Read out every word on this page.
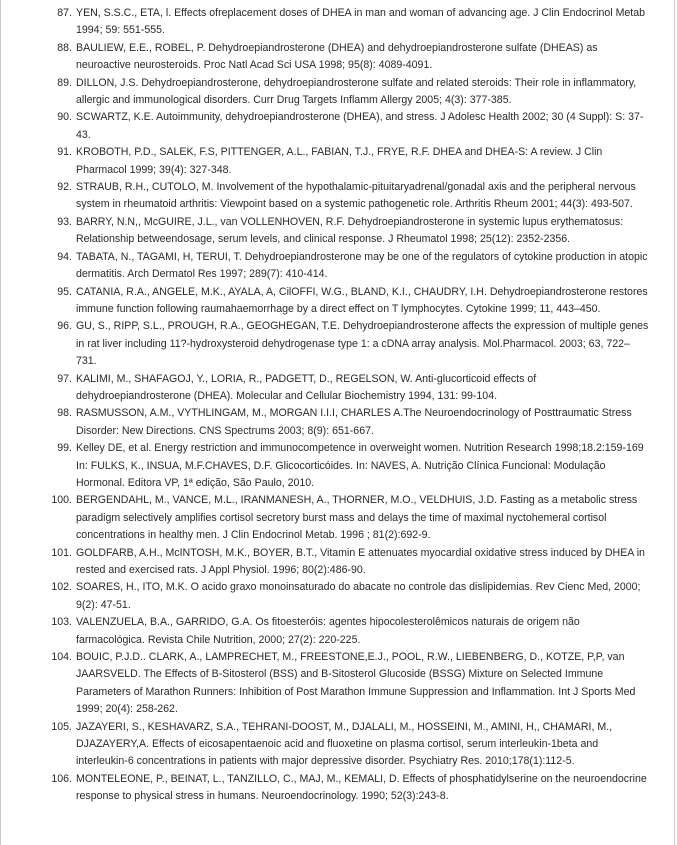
87. YEN, S.S.C., ETA, l. Effects ofreplacement doses of DHEA in man and woman of advancing age. J Clin Endocrinol Metab 1994; 59: 551-555.
88. BAULIEW, E.E., ROBEL, P. Dehydroepiandrosterone (DHEA) and dehydroepiandrosterone sulfate (DHEAS) as neuroactive neurosteroids. Proc Natl Acad Sci USA 1998; 95(8): 4089-4091.
89. DILLON, J.S. Dehydroepiandrosterone, dehydroepiandrosterone sulfate and related steroids: Their role in inflammatory, allergic and immunological disorders. Curr Drug Targets Inflamm Allergy 2005; 4(3): 377-385.
90. SCWARTZ, K.E. Autoimmunity, dehydroepiandrosterone (DHEA), and stress. J Adolesc Health 2002; 30 (4 Suppl): S: 37-43.
91. KROBOTH, P.D., SALEK, F.S, PITTENGER, A.L., FABIAN, T.J., FRYE, R.F. DHEA and DHEA-S: A review. J Clin Pharmacol 1999; 39(4): 327-348.
92. STRAUB, R.H., CUTOLO, M. Involvement of the hypothalamic-pituitaryadrenal/gonadal axis and the peripheral nervous system in rheumatoid arthritis: Viewpoint based on a systemic pathogenetic role. Arthritis Rheum 2001; 44(3): 493-507.
93. BARRY, N.N,, McGUIRE, J.L., van VOLLENHOVEN, R.F. Dehydroepiandrosterone in systemic lupus erythematosus: Relationship betweendosage, serum levels, and clinical response. J Rheumatol 1998; 25(12): 2352-2356.
94. TABATA, N., TAGAMI, H, TERUI, T. Dehydroepiandrosterone may be one of the regulators of cytokine production in atopic dermatitis. Arch Dermatol Res 1997; 289(7): 410-414.
95. CATANIA, R.A., ANGELE, M.K., AYALA, A, CilOFFI, W.G., BLAND, K.I., CHAUDRY, I.H. Dehydroepiandrosterone restores immune function following raumahaemorrhage by a direct effect on T lymphocytes. Cytokine 1999; 11, 443–450.
96. GU, S., RIPP, S.L., PROUGH, R.A., GEOGHEGAN, T.E. Dehydroepiandrosterone affects the expression of multiple genes in rat liver including 11?-hydroxysteroid dehydrogenase type 1: a cDNA array analysis. Mol.Pharmacol. 2003; 63, 722–731.
97. KALIMI, M., SHAFAGOJ, Y., LORIA, R., PADGETT, D., REGELSON, W. Anti-glucorticoid effects of dehydroepiandrosterone (DHEA). Molecular and Cellular Biochemistry 1994, 131: 99-104.
98. RASMUSSON, A.M., VYTHLINGAM, M., MORGAN I.I.I, CHARLES A.The Neuroendocrinology of Posttraumatic Stress Disorder: New Directions. CNS Spectrums 2003; 8(9): 651-667.
99. Kelley DE, et al. Energy restriction and immunocompetence in overweight women. Nutrition Research 1998;18.2:159-169 In: FULKS, K., INSUA, M.F.CHAVES, D.F. Glicocorticóides. In: NAVES, A. Nutrição Clínica Funcional: Modulação Hormonal. Editora VP, 1ª edição, São Paulo, 2010.
100. BERGENDAHL, M., VANCE, M.L., IRANMANESH, A., THORNER, M.O., VELDHUIS, J.D. Fasting as a metabolic stress paradigm selectively amplifies cortisol secretory burst mass and delays the time of maximal nyctohemeral cortisol concentrations in healthy men. J Clin Endocrinol Metab. 1996 ; 81(2):692-9.
101. GOLDFARB, A.H., McINTOSH, M.K., BOYER, B.T., Vitamin E attenuates myocardial oxidative stress induced by DHEA in rested and exercised rats. J Appl Physiol. 1996; 80(2):486-90.
102. SOARES, H., ITO, M.K. O acido graxo monoinsaturado do abacate no controle das dislipidemias. Rev Cienc Med, 2000; 9(2): 47-51.
103. VALENZUELA, B.A., GARRIDO, G.A. Os fitoesteróis: agentes hipocolesterolêmicos naturais de origem não farmacológica. Revista Chile Nutrition, 2000; 27(2): 220-225.
104. BOUIC, P.J.D.. CLARK, A., LAMPRECHET, M., FREESTONE,E.J., POOL, R.W., LIEBENBERG, D., KOTZE, P,P, van JAARSVELD. The Effects of B-Sitosterol (BSS) and B-Sitosterol Glucoside (BSSG) Mixture on Selected Immune Parameters of Marathon Runners: Inhibition of Post Marathon Immune Suppression and Inflammation. Int J Sports Med 1999; 20(4): 258-262.
105. JAZAYERI, S., KESHAVARZ, S.A., TEHRANI-DOOST, M., DJALALI, M., HOSSEINI, M., AMINI, H,, CHAMARI, M., DJAZAYERY,A. Effects of eicosapentaenoic acid and fluoxetine on plasma cortisol, serum interleukin-1beta and interleukin-6 concentrations in patients with major depressive disorder. Psychiatry Res. 2010;178(1):112-5.
106. MONTELEONE, P., BEINAT, L., TANZILLO, C., MAJ, M., KEMALI, D. Effects of phosphatidylserine on the neuroendocrine response to physical stress in humans. Neuroendocrinology. 1990; 52(3):243-8.
